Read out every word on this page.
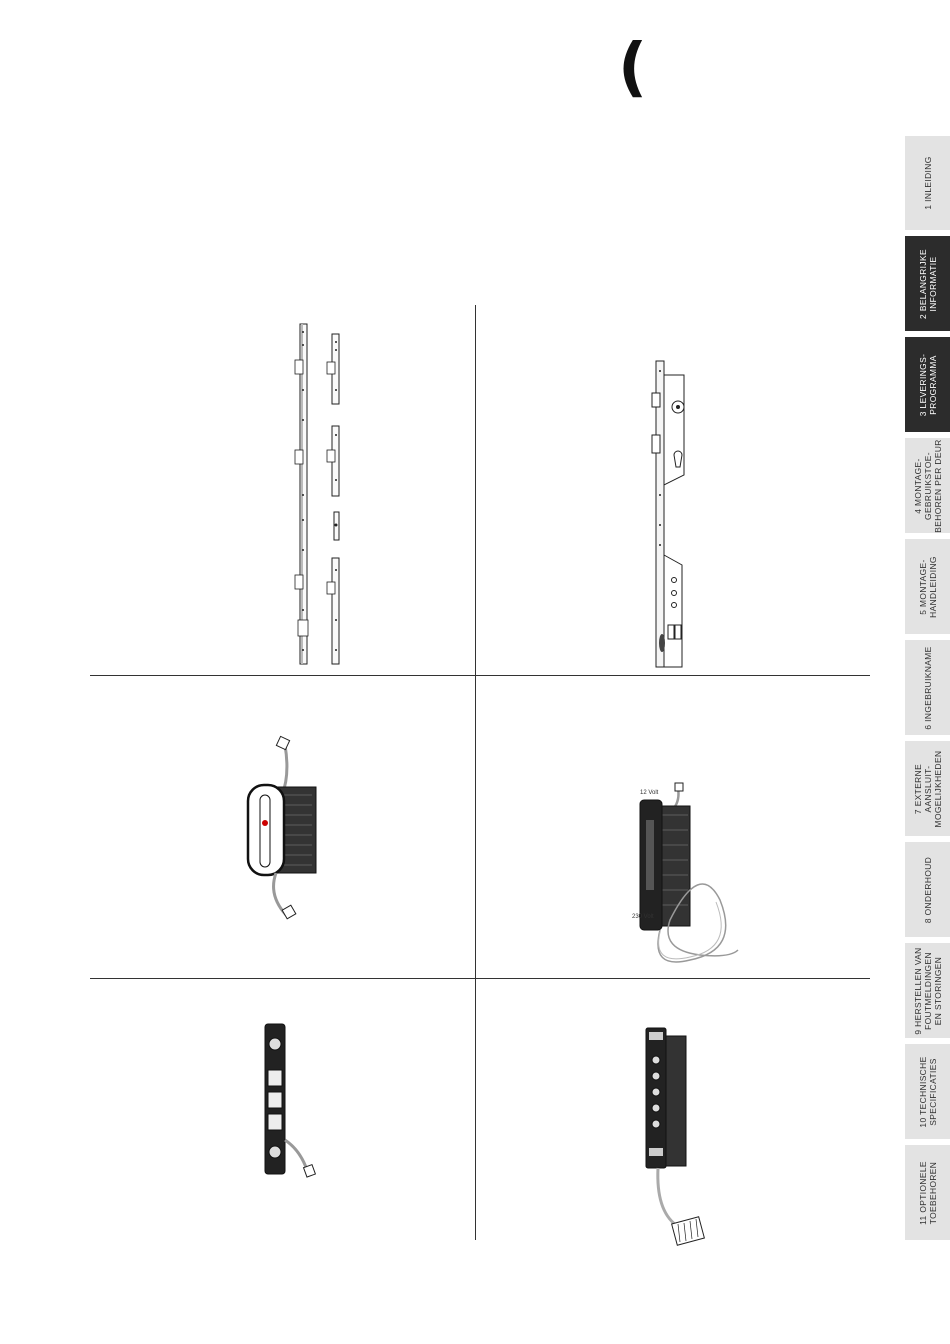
(
12 Volt
230 Volt
1 INLEIDING
2 BELANGRIJKE
INFORMATIE
3 LEVERINGS-
PROGRAMMA
4 MONTAGE-
GEBRUIKSTOE-
BEHOREN PER DEUR
5 MONTAGE-
HANDLEIDING
6 INGEBRUIKNAME
7 EXTERNE
AANSLUIT-
MOGELIJKHEDEN
8 ONDERHOUD
9 HERSTELLEN VAN
FOUTMELDINGEN
EN STORINGEN
10 TECHNISCHE
SPECIFICATIES
11 OPTIONELE
TOEBEHOREN
